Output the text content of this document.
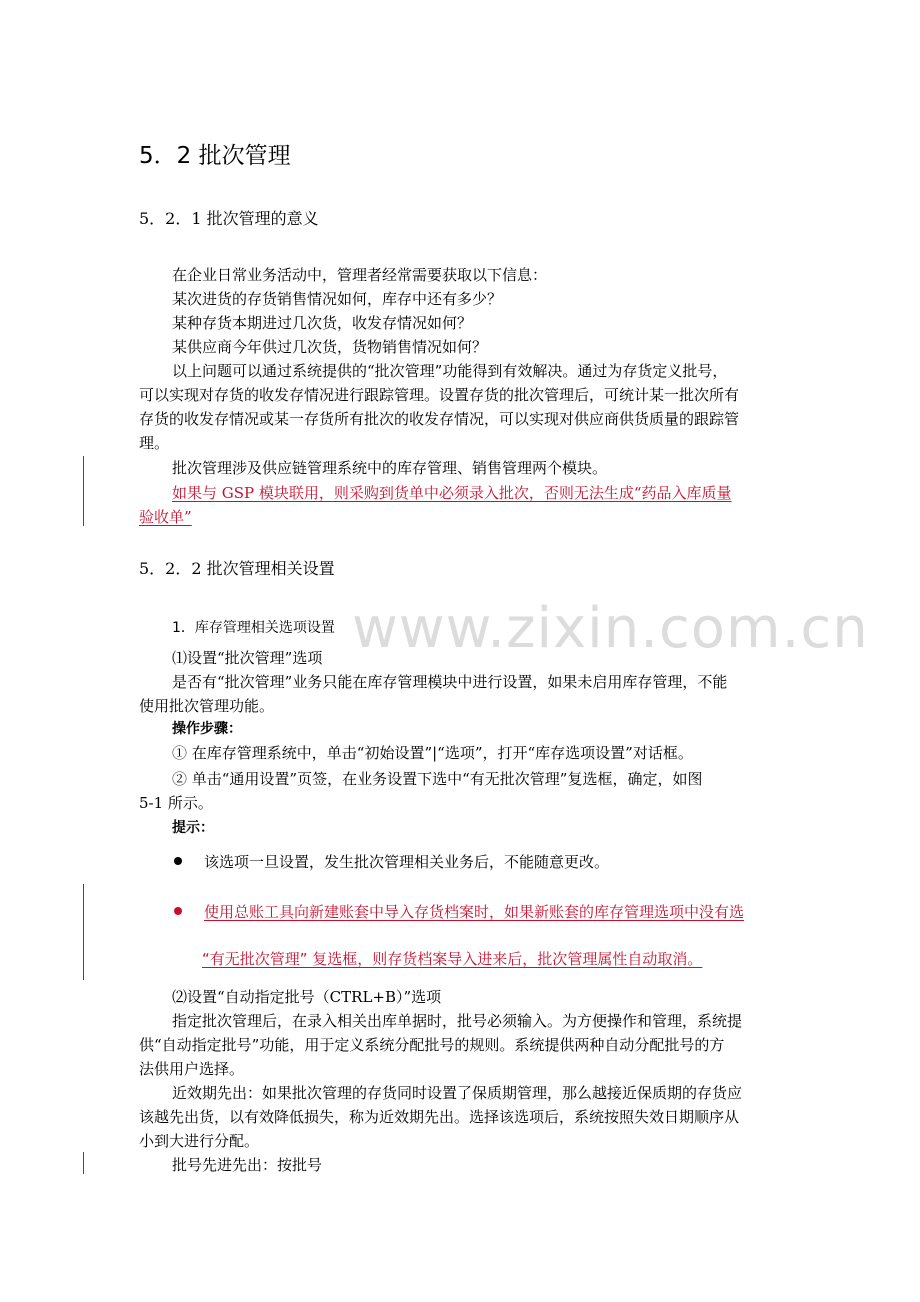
5．2 批次管理
5．2．1 批次管理的意义
在企业日常业务活动中，管理者经常需要获取以下信息：
某次进货的存货销售情况如何，库存中还有多少？
某种存货本期进过几次货，收发存情况如何？
某供应商今年供过几次货，货物销售情况如何？
以上问题可以通过系统提供的“批次管理”功能得到有效解决。通过为存货定义批号，
可以实现对存货的收发存情况进行跟踪管理。设置存货的批次管理后，可统计某一批次所有
存货的收发存情况或某一存货所有批次的收发存情况，可以实现对供应商供货质量的跟踪管
理。
批次管理涉及供应链管理系统中的库存管理、销售管理两个模块。
如果与 GSP 模块联用，则采购到货单中必须录入批次，否则无法生成“药品入库质量
验收单”
5．2．2 批次管理相关设置
www.zixin.com.cn
1．库存管理相关选项设置
⑴设置“批次管理”选项
是否有“批次管理”业务只能在库存管理模块中进行设置，如果未启用库存管理，不能
使用批次管理功能。
操作步骤：
① 在库存管理系统中，单击“初始设置”|“选项”，打开“库存选项设置”对话框。
② 单击“通用设置”页签，在业务设置下选中“有无批次管理”复选框，确定，如图
5-1 所示。
提示：
该选项一旦设置，发生批次管理相关业务后，不能随意更改。
使用总账工具向新建账套中导入存货档案时，如果新账套的库存管理选项中没有选
“有无批次管理” 复选框，则存货档案导入进来后，批次管理属性自动取消。
⑵设置“自动指定批号（CTRL+B）”选项
指定批次管理后，在录入相关出库单据时，批号必须输入。为方便操作和管理，系统提
供“自动指定批号”功能，用于定义系统分配批号的规则。系统提供两种自动分配批号的方
法供用户选择。
近效期先出：如果批次管理的存货同时设置了保质期管理，那么越接近保质期的存货应
该越先出货，以有效降低损失，称为近效期先出。选择该选项后，系统按照失效日期顺序从
小到大进行分配。
批号先进先出：按批号
